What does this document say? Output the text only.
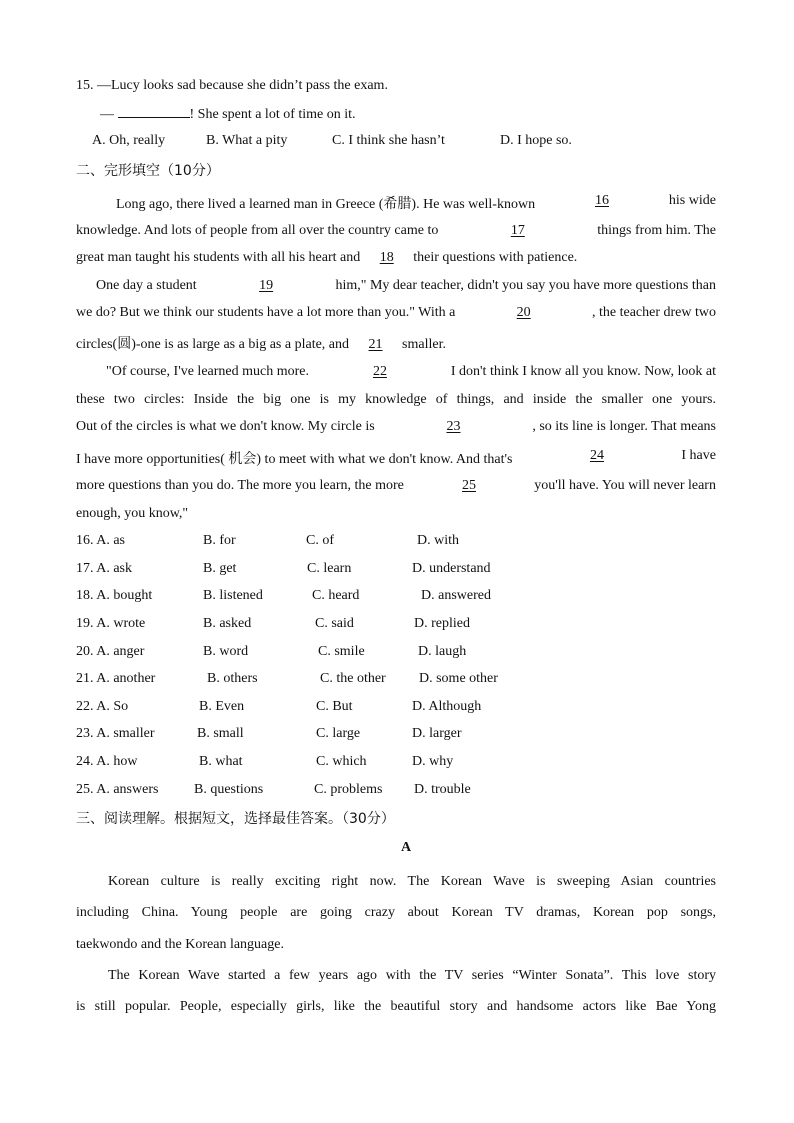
15. —Lucy looks sad because she didn’t pass the exam.
—	! She spent a lot of time on it.
A. Oh, really	B. What a pity	C. I think she hasn’t	D. I hope so.
二、完形填空（10分）
Long ago, there lived a learned man in Greece (希腊). He was well-known	16	his wide
knowledge. And lots of people from all over the country came to	17	things from him. The
great man taught his students with all his heart and 18 their questions with patience.
One day a student	19	him," My dear teacher, didn't you say you have more questions than
we do? But we think our students have a lot more than you." With a	20	, the teacher drew two
circles(圆)-one is as large as a big as a plate, and 21 smaller.
"Of course, I've learned much more.	22	I don't think I know all you know. Now, look at
these two circles: Inside the big one is my knowledge of things, and inside the smaller one yours.
Out of the circles is what we don't know. My circle is	23	, so its line is longer. That means
I have more opportunities( 机会) to meet with what we don't know. And that's	24	I have
more questions than you do. The more you learn, the more	25	you'll have. You will never learn
enough, you know,"
16. A. as	B. for	C. of	D. with
17. A. ask	B. get	C. learn	D. understand
18. A. bought	B. listened	C. heard	D. answered
19. A. wrote	B. asked	C. said	D. replied
20. A. anger	B. word	C. smile	D. laugh
21. A. another	B. others	C. the other D. some other
22. A. So	B. Even	C. But	D. Although
23. A. smaller	B. small	C. large	D. larger
24. A. how	B. what	C. which	D. why
25. A. answers	B. questions	C. problems D. trouble
三、阅读理解。根据短文，选择最佳答案。（30分）
A
Korean culture is really exciting right now. The Korean Wave is sweeping Asian countries
including China. Young people are going crazy about Korean TV dramas, Korean pop songs,
taekwondo and the Korean language.
The Korean Wave started a few years ago with the TV series “Winter Sonata”. This love story
is still popular. People, especially girls, like the beautiful story and handsome actors like Bae Yong
